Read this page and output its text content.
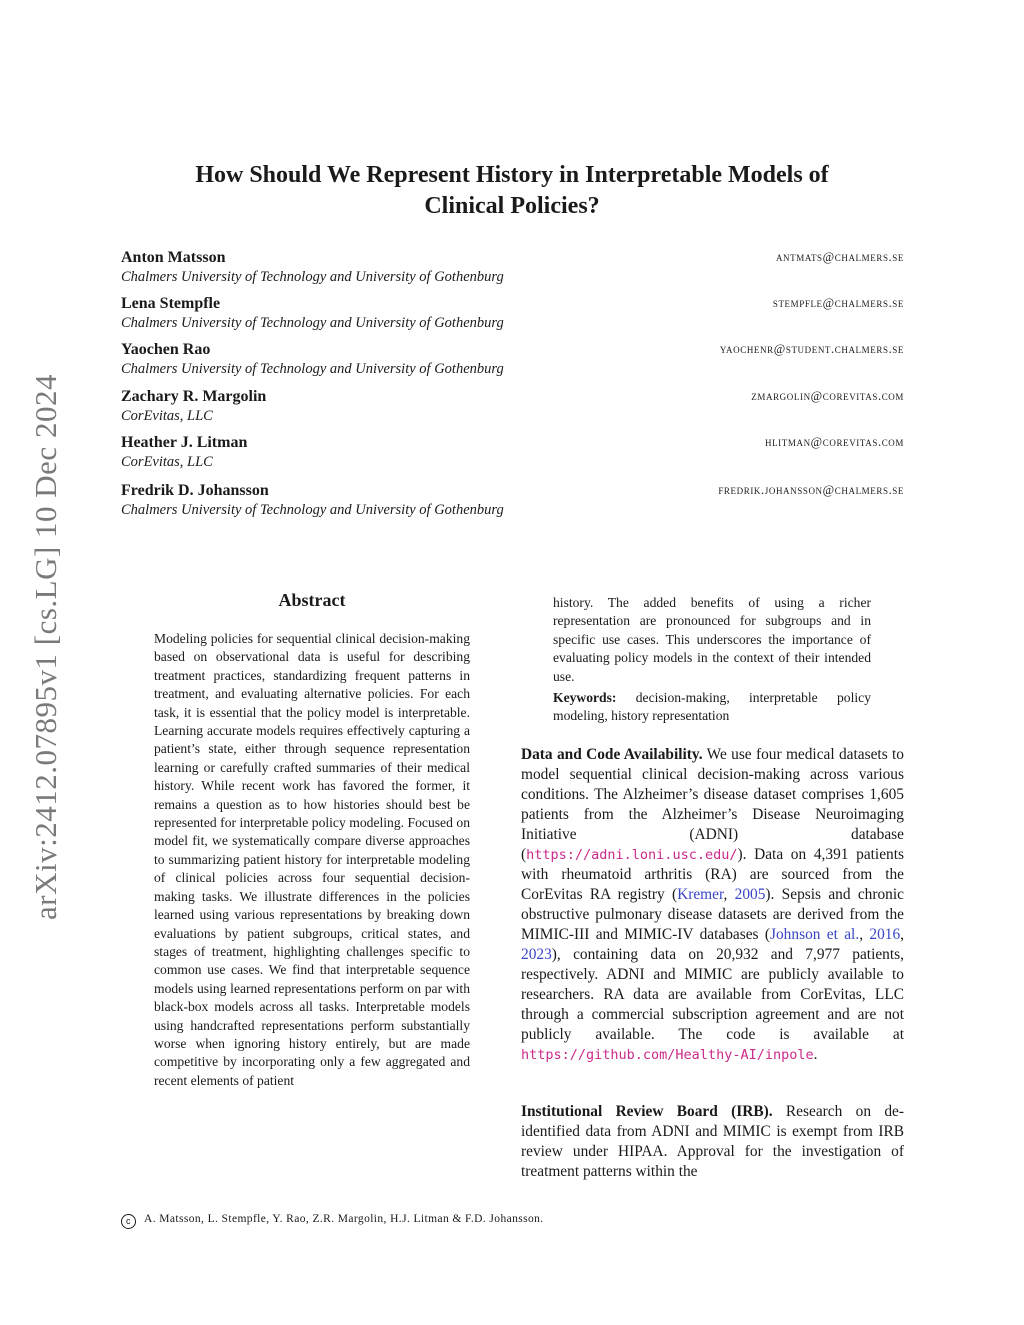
arXiv:2412.07895v1 [cs.LG] 10 Dec 2024
How Should We Represent History in Interpretable Models of
Clinical Policies?
Anton Matsson	antmats@chalmers.se
Chalmers University of Technology and University of Gothenburg
Lena Stempfle	stempfle@chalmers.se
Chalmers University of Technology and University of Gothenburg
Yaochen Rao	yaochenr@student.chalmers.se
Chalmers University of Technology and University of Gothenburg
Zachary R. Margolin	zmargolin@corevitas.com
CorEvitas, LLC
Heather J. Litman	hlitman@corevitas.com
CorEvitas, LLC
Fredrik D. Johansson	fredrik.johansson@chalmers.se
Chalmers University of Technology and University of Gothenburg
Abstract
Modeling policies for sequential clinical decision-making based on observational data is useful for describing treatment practices, standardizing frequent patterns in treatment, and evaluating alternative policies. For each task, it is essential that the policy model is interpretable. Learning accurate models requires effectively capturing a patient’s state, either through sequence representation learning or carefully crafted summaries of their medical history. While recent work has favored the former, it remains a question as to how histories should best be represented for interpretable policy modeling. Focused on model fit, we systematically compare diverse approaches to summarizing patient history for interpretable modeling of clinical policies across four sequential decision-making tasks. We illustrate differences in the policies learned using various representations by breaking down evaluations by patient subgroups, critical states, and stages of treatment, highlighting challenges specific to common use cases. We find that interpretable sequence models using learned representations perform on par with black-box models across all tasks. Interpretable models using handcrafted representations perform substantially worse when ignoring history entirely, but are made competitive by incorporating only a few aggregated and recent elements of patient
history. The added benefits of using a richer representation are pronounced for subgroups and in specific use cases. This underscores the importance of evaluating policy models in the context of their intended use.
Keywords: decision-making, interpretable policy modeling, history representation
Data and Code Availability. We use four medical datasets to model sequential clinical decision-making across various conditions. The Alzheimer’s disease dataset comprises 1,605 patients from the Alzheimer’s Disease Neuroimaging Initiative (ADNI) database (https://adni.loni.usc.edu/). Data on 4,391 patients with rheumatoid arthritis (RA) are sourced from the CorEvitas RA registry (Kremer, 2005). Sepsis and chronic obstructive pulmonary disease datasets are derived from the MIMIC-III and MIMIC-IV databases (Johnson et al., 2016, 2023), containing data on 20,932 and 7,977 patients, respectively. ADNI and MIMIC are publicly available to researchers. RA data are available from CorEvitas, LLC through a commercial subscription agreement and are not publicly available. The code is available at https://github.com/Healthy-AI/inpole.
Institutional Review Board (IRB). Research on de-identified data from ADNI and MIMIC is exempt from IRB review under HIPAA. Approval for the investigation of treatment patterns within the
c A. Matsson, L. Stempfle, Y. Rao, Z.R. Margolin, H.J. Litman & F.D. Johansson.
